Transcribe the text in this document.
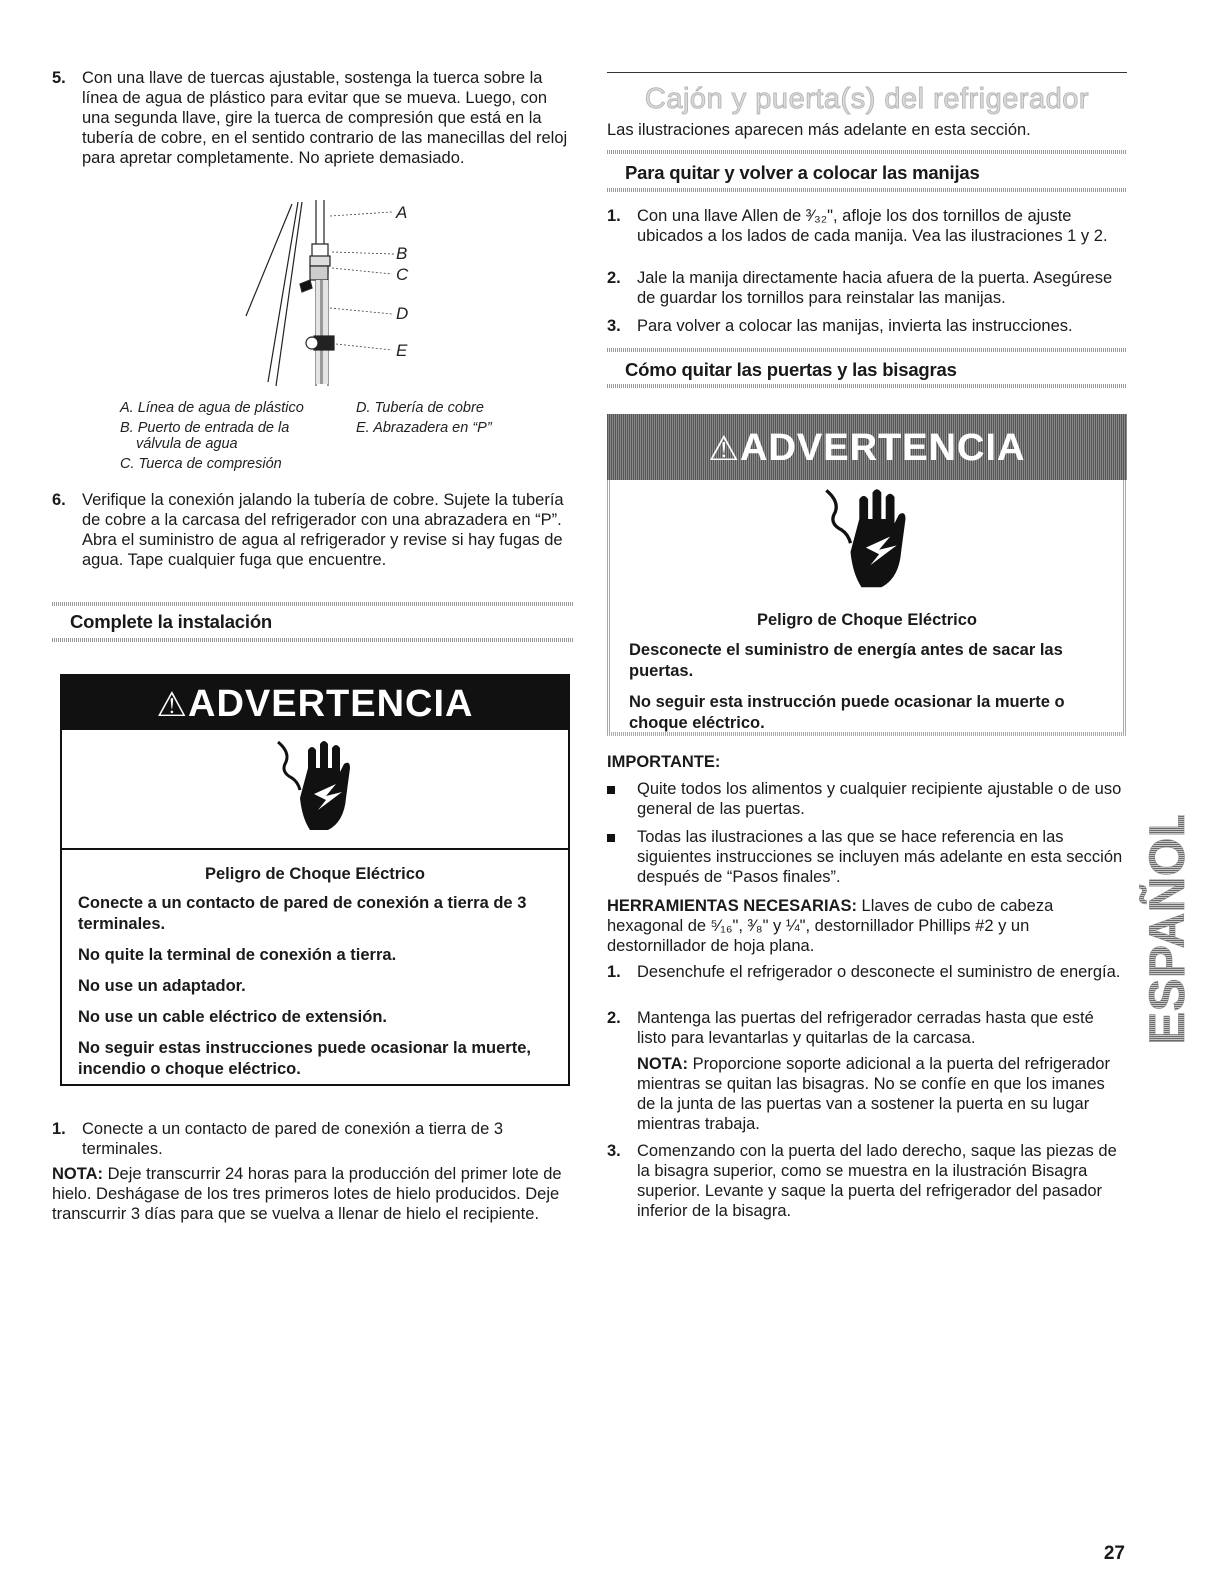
5. Con una llave de tuercas ajustable, sostenga la tuerca sobre la línea de agua de plástico para evitar que se mueva. Luego, con una segunda llave, gire la tuerca de compresión que está en la tubería de cobre, en el sentido contrario de las manecillas del reloj para apretar completamente. No apriete demasiado.
A
B
C
D
E
A. Línea de agua de plástico
B. Puerto de entrada de la
válvula de agua
C. Tuerca de compresión
D. Tubería de cobre
E. Abrazadera en “P”
6. Verifique la conexión jalando la tubería de cobre. Sujete la tubería de cobre a la carcasa del refrigerador con una abrazadera en “P”. Abra el suministro de agua al refrigerador y revise si hay fugas de agua. Tape cualquier fuga que encuentre.
Complete la instalación
⚠ADVERTENCIA
Peligro de Choque Eléctrico

Conecte a un contacto de pared de conexión a tierra de 3 terminales.

No quite la terminal de conexión a tierra.

No use un adaptador.

No use un cable eléctrico de extensión.

No seguir estas instrucciones puede ocasionar la muerte, incendio o choque eléctrico.

1. Conecte a un contacto de pared de conexión a tierra de 3 terminales.
NOTA: Deje transcurrir 24 horas para la producción del primer lote de hielo. Deshágase de los tres primeros lotes de hielo producidos. Deje transcurrir 3 días para que se vuelva a llenar de hielo el recipiente.
Cajón y puerta(s) del refrigerador
Las ilustraciones aparecen más adelante en esta sección.
Para quitar y volver a colocar las manijas
1. Con una llave Allen de ³⁄₃₂", afloje los dos tornillos de ajuste ubicados a los lados de cada manija. Vea las ilustraciones 1 y 2.
2. Jale la manija directamente hacia afuera de la puerta. Asegúrese de guardar los tornillos para reinstalar las manijas.
3. Para volver a colocar las manijas, invierta las instrucciones.
Cómo quitar las puertas y las bisagras
⚠ADVERTENCIA
Peligro de Choque Eléctrico

Desconecte el suministro de energía antes de sacar las puertas.

No seguir esta instrucción puede ocasionar la muerte o choque eléctrico.

IMPORTANTE:
Quite todos los alimentos y cualquier recipiente ajustable o de uso general de las puertas.
Todas las ilustraciones a las que se hace referencia en las siguientes instrucciones se incluyen más adelante en esta sección después de “Pasos finales”.
HERRAMIENTAS NECESARIAS: Llaves de cubo de cabeza hexagonal de ⁵⁄₁₆", ³⁄₈" y ¼", destornillador Phillips #2 y un destornillador de hoja plana.
1. Desenchufe el refrigerador o desconecte el suministro de energía.
2. Mantenga las puertas del refrigerador cerradas hasta que esté listo para levantarlas y quitarlas de la carcasa.
NOTA: Proporcione soporte adicional a la puerta del refrigerador mientras se quitan las bisagras. No se confíe en que los imanes de la junta de las puertas van a sostener la puerta en su lugar mientras trabaja.
3. Comenzando con la puerta del lado derecho, saque las piezas de la bisagra superior, como se muestra en la ilustración Bisagra superior. Levante y saque la puerta del refrigerador del pasador inferior de la bisagra.
ESPAÑOL
27
